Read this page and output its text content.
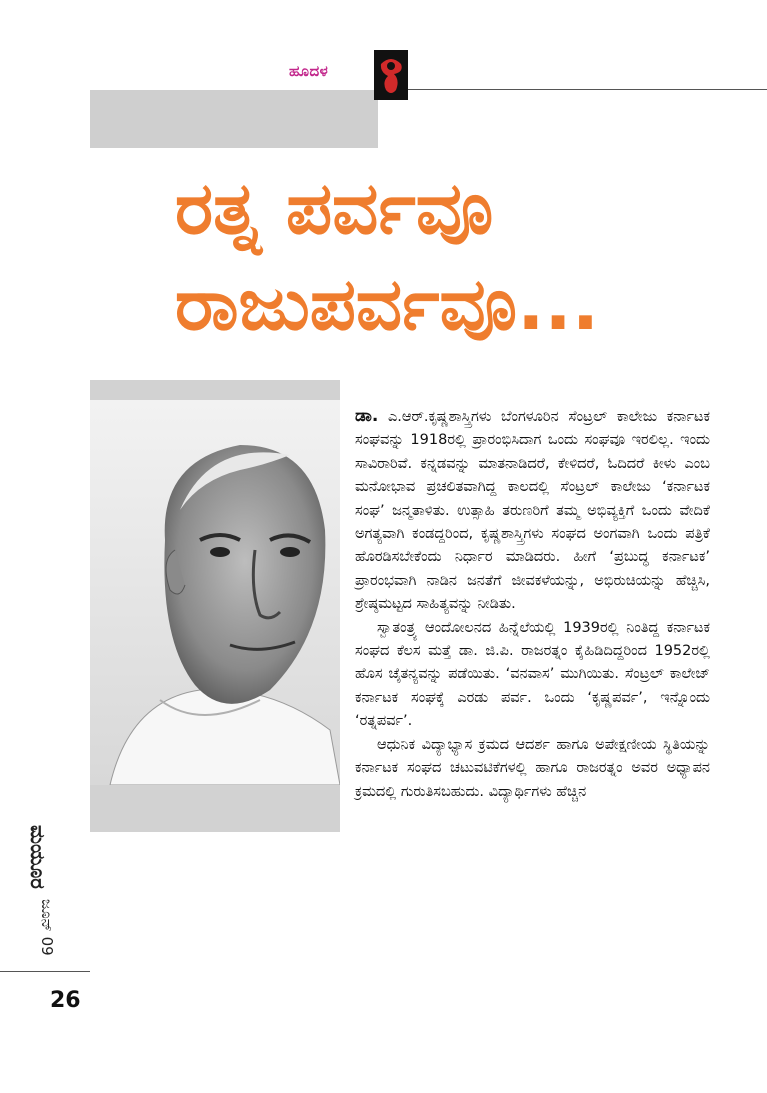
ಹೂದಳ
ರತ್ನ ಪರ್ವವೂ
ರಾಜುಪರ್ವವೂ...
ಮಯೂರ
ಜೂನ್ 09
26

ಡಾ. ಎ.ಆರ್.ಕೃಷ್ಣಶಾಸ್ತ್ರಿಗಳು ಬೆಂಗಳೂರಿನ ಸೆಂಟ್ರಲ್ ಕಾಲೇಜು ಕರ್ನಾಟಕ ಸಂಘವನ್ನು 1918ರಲ್ಲಿ ಪ್ರಾರಂಭಿಸಿದಾಗ ಒಂದು ಸಂಘವೂ ಇರಲಿಲ್ಲ. ಇಂದು ಸಾವಿರಾರಿವೆ. ಕನ್ನಡವನ್ನು ಮಾತನಾಡಿದರೆ, ಕೇಳಿದರೆ, ಓದಿದರೆ ಕೀಳು ಎಂಬ ಮನೋಭಾವ ಪ್ರಚಲಿತವಾಗಿದ್ದ ಕಾಲದಲ್ಲಿ ಸೆಂಟ್ರಲ್ ಕಾಲೇಜು ‘ಕರ್ನಾಟಕ ಸಂಘ’ ಜನ್ಮತಾಳಿತು. ಉತ್ಸಾಹಿ ತರುಣರಿಗೆ ತಮ್ಮ ಅಭಿವ್ಯಕ್ತಿಗೆ ಒಂದು ವೇದಿಕೆ ಅಗತ್ಯವಾಗಿ ಕಂಡದ್ದರಿಂದ, ಕೃಷ್ಣಶಾಸ್ತ್ರಿಗಳು ಸಂಘದ ಅಂಗವಾಗಿ ಒಂದು ಪತ್ರಿಕೆ ಹೊರಡಿಸಬೇಕೆಂದು ನಿರ್ಧಾರ ಮಾಡಿದರು. ಹೀಗೆ ‘ಪ್ರಬುದ್ಧ ಕರ್ನಾಟಕ’ ಪ್ರಾರಂಭವಾಗಿ ನಾಡಿನ ಜನತೆಗೆ ಜೀವಕಳೆಯನ್ನು, ಅಭಿರುಚಿಯನ್ನು ಹೆಚ್ಚಿಸಿ, ಶ್ರೇಷ್ಠಮಟ್ಟದ ಸಾಹಿತ್ಯವನ್ನು ನೀಡಿತು.

ಸ್ವಾತಂತ್ರ್ಯ ಆಂದೋಲನದ ಹಿನ್ನೆಲೆಯಲ್ಲಿ 1939ರಲ್ಲಿ ನಿಂತಿದ್ದ ಕರ್ನಾಟಕ ಸಂಘದ ಕೆಲಸ ಮತ್ತೆ ಡಾ. ಜಿ.ಪಿ. ರಾಜರತ್ನಂ ಕೈಹಿಡಿದಿದ್ದರಿಂದ 1952ರಲ್ಲಿ ಹೊಸ ಚೈತನ್ಯವನ್ನು ಪಡೆಯಿತು. ‘ವನವಾಸ’ ಮುಗಿಯಿತು. ಸೆಂಟ್ರಲ್ ಕಾಲೇಜ್ ಕರ್ನಾಟಕ ಸಂಘಕ್ಕೆ ಎರಡು ಪರ್ವ. ಒಂದು ‘ಕೃಷ್ಣಪರ್ವ’, ಇನ್ನೊಂದು ‘ರತ್ನಪರ್ವ’.

ಆಧುನಿಕ ವಿದ್ಯಾಭ್ಯಾಸ ಕ್ರಮದ ಆದರ್ಶ ಹಾಗೂ ಅಪೇಕ್ಷಣೀಯ ಸ್ಥಿತಿಯನ್ನು ಕರ್ನಾಟಕ ಸಂಘದ ಚಟುವಟಿಕೆಗಳಲ್ಲಿ ಹಾಗೂ ರಾಜರತ್ನಂ ಅವರ ಅಧ್ಯಾಪನ ಕ್ರಮದಲ್ಲಿ ಗುರುತಿಸಬಹುದು. ವಿದ್ಯಾರ್ಥಿಗಳು ಹೆಚ್ಚಿನ
